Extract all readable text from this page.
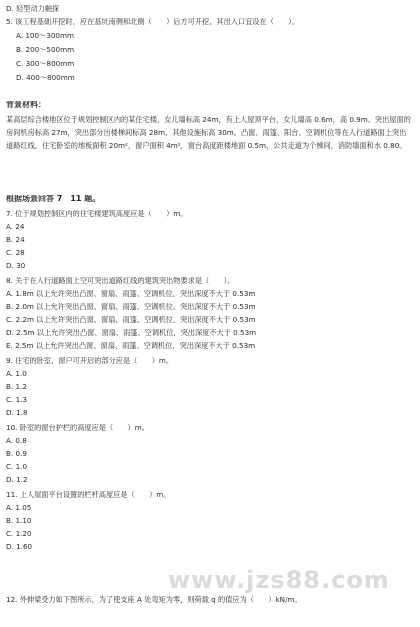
D. 轻型动力触探
5. 该工程基础开挖时，应在基坑南侧和北侧（　　）后方可开挖，其出入口宜设在（　　）。
A. 100～300mm
B. 200～500mm
C. 300～800mm
D. 400～800mm
背景材料：
某高层综合楼地区位于规划控制区内的某住宅楼，女儿墙标高 24m，有上人屋顶平台，女儿墙高 0.6m，高 0.9m。突出屋面的房间机房标高 27m，突出部分出楼梯间标高 28m，其他设施标高 30m。凸窗、雨篷、阳台、空调机位等在人行道路面上突出道路红线，住宅卧室的地板面积 20m²，窗户面积 4m²，窗台高度距楼地面 0.5m，公共走道为个梯间，消防墙面和水 0.80。
根据场景回答 7　11 题。
7. 位于规划控制区内的住宅楼建筑高度应是（　　）m。
A. 24
B. 24
C. 28
D. 30
8. 关于在人行道路面上空可突出道路红线的建筑突出物要求是（　　）。
A. 1.8m 以上允许突出凸窗、窗扇、雨篷、空调机位，突出深度不大于 0.53m
B. 2.0m 以上允许突出凸窗、窗扇、雨篷、空调机位，突出深度不大于 0.53m
C. 2.2m 以上允许突出凸窗、窗扇、雨篷、空调机位，突出深度不大于 0.53m
D. 2.5m 以上允许突出凸窗、窗扇、雨篷、空调机位，突出深度不大于 0.53m
E. 2.5m 以上允许突出凸窗、窗扇、雨篷、空调机位，突出深度不大于 0.53m
9. 住宅的卧室，窗户可开启的部分应是（　　）m。
A. 1.0
B. 1.2
C. 1.3
D. 1.8
10. 卧室的窗台护栏的高度应是（　　）m。
A. 0.8
B. 0.9
C. 1.0
D. 1.2
11. 上人屋面平台设置的栏杆高度应是（　　）m。
A. 1.05
B. 1.10
C. 1.20
D. 1.60
12. 外伸梁受力如下图所示，为了使支座 A 处弯矩为零，则荷载 q 的值应为（　　）kN/m。
www.jzs88.com
